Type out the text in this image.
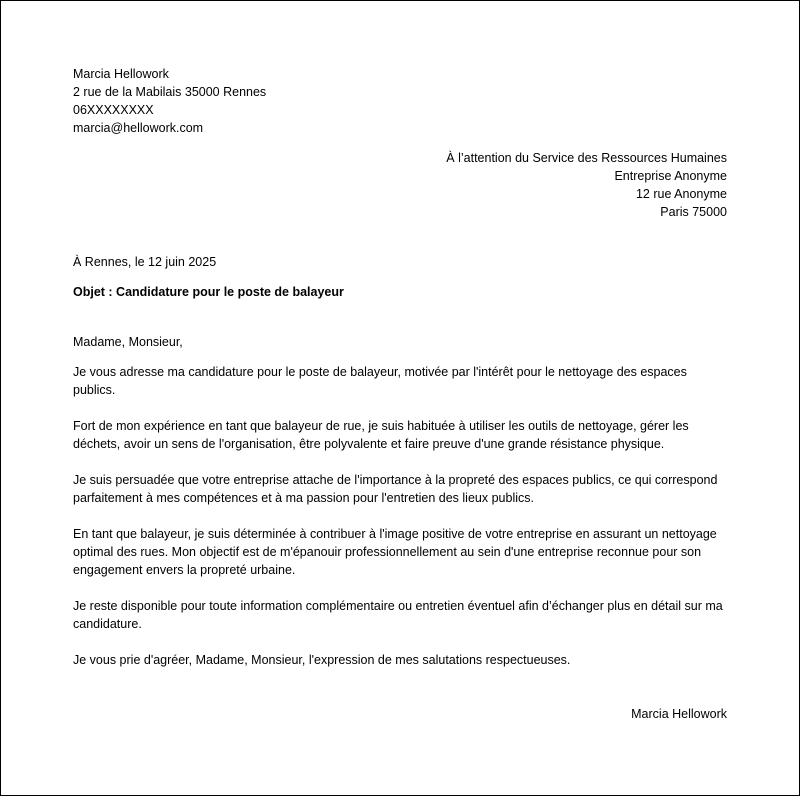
Marcia Hellowork

2 rue de la Mabilais 35000 Rennes

06XXXXXXXX

marcia@hellowork.com

À l’attention du Service des Ressources Humaines

Entreprise Anonyme

12 rue Anonyme

Paris 75000

À Rennes, le 12 juin 2025

Objet : Candidature pour le poste de balayeur

Madame, Monsieur,

Je vous adresse ma candidature pour le poste de balayeur, motivée par l'intérêt pour le nettoyage des espaces publics.

Fort de mon expérience en tant que balayeur de rue, je suis habituée à utiliser les outils de nettoyage, gérer les déchets, avoir un sens de l'organisation, être polyvalente et faire preuve d'une grande résistance physique.

Je suis persuadée que votre entreprise attache de l'importance à la propreté des espaces publics, ce qui correspond parfaitement à mes compétences et à ma passion pour l'entretien des lieux publics.

En tant que balayeur, je suis déterminée à contribuer à l'image positive de votre entreprise en assurant un nettoyage optimal des rues. Mon objectif est de m'épanouir professionnellement au sein d'une entreprise reconnue pour son engagement envers la propreté urbaine.

Je reste disponible pour toute information complémentaire ou entretien éventuel afin d’échanger plus en détail sur ma candidature.

Je vous prie d'agréer, Madame, Monsieur, l'expression de mes salutations respectueuses.

Marcia Hellowork
